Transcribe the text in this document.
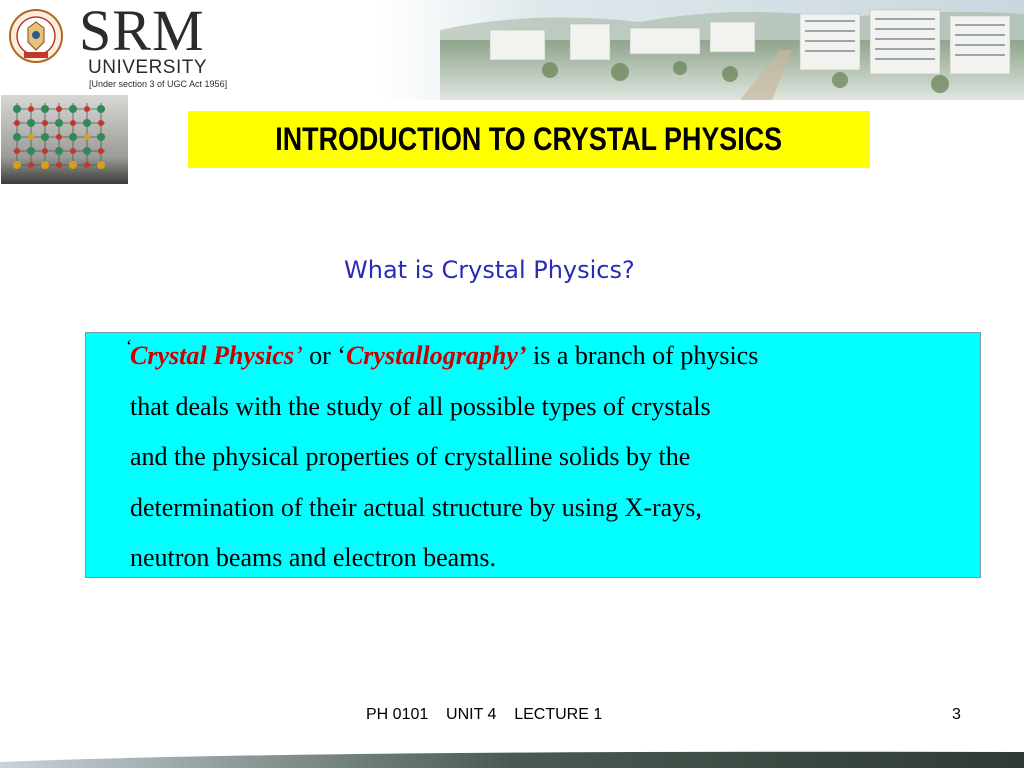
SRM
UNIVERSITY
[Under section 3 of UGC Act 1956]
INTRODUCTION TO CRYSTAL PHYSICS
What is Crystal Physics?
‘
Crystal Physics’ or ‘Crystallography’ is a branch of physics
that deals with the study of all possible types of crystals
and the physical properties of crystalline solids by the
determination of their actual structure by using X-rays,
neutron beams and electron beams.
PH 0101    UNIT 4    LECTURE 1	3
